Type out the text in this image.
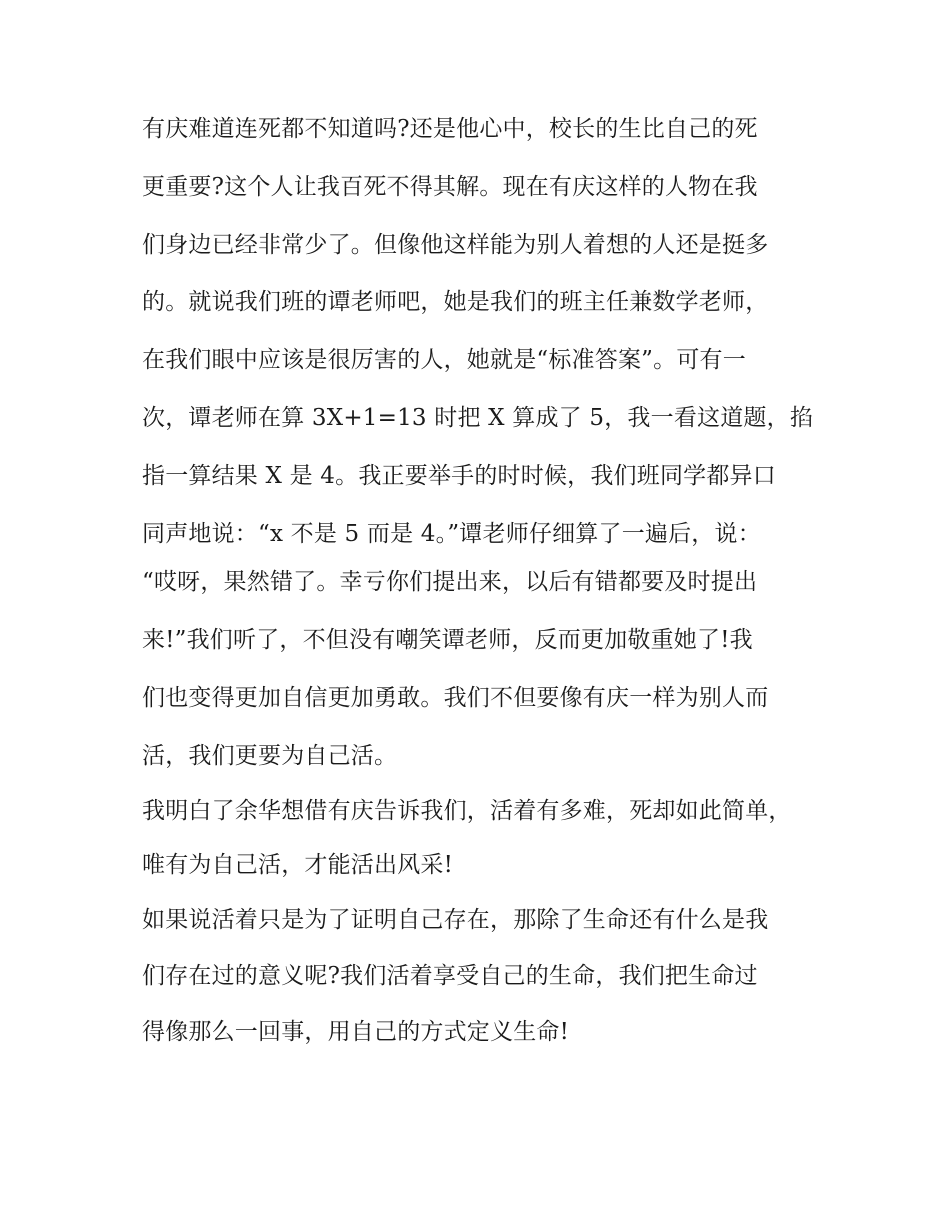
有庆难道连死都不知道吗?还是他心中，校长的生比自己的死
更重要?这个人让我百死不得其解。现在有庆这样的人物在我
们身边已经非常少了。但像他这样能为别人着想的人还是挺多
的。就说我们班的谭老师吧，她是我们的班主任兼数学老师，
在我们眼中应该是很厉害的人，她就是“标准答案”。可有一
次，谭老师在算 3X+1=13 时把 X 算成了 5，我一看这道题，掐
指一算结果 X 是 4。我正要举手的时时候，我们班同学都异口
同声地说：“x 不是 5 而是 4。”谭老师仔细算了一遍后，说：
“哎呀，果然错了。幸亏你们提出来，以后有错都要及时提出
来!”我们听了，不但没有嘲笑谭老师，反而更加敬重她了!我
们也变得更加自信更加勇敢。我们不但要像有庆一样为别人而
活，我们更要为自己活。
我明白了余华想借有庆告诉我们，活着有多难，死却如此简单，
唯有为自己活，才能活出风采!
如果说活着只是为了证明自己存在，那除了生命还有什么是我
们存在过的意义呢?我们活着享受自己的生命，我们把生命过
得像那么一回事，用自己的方式定义生命!
